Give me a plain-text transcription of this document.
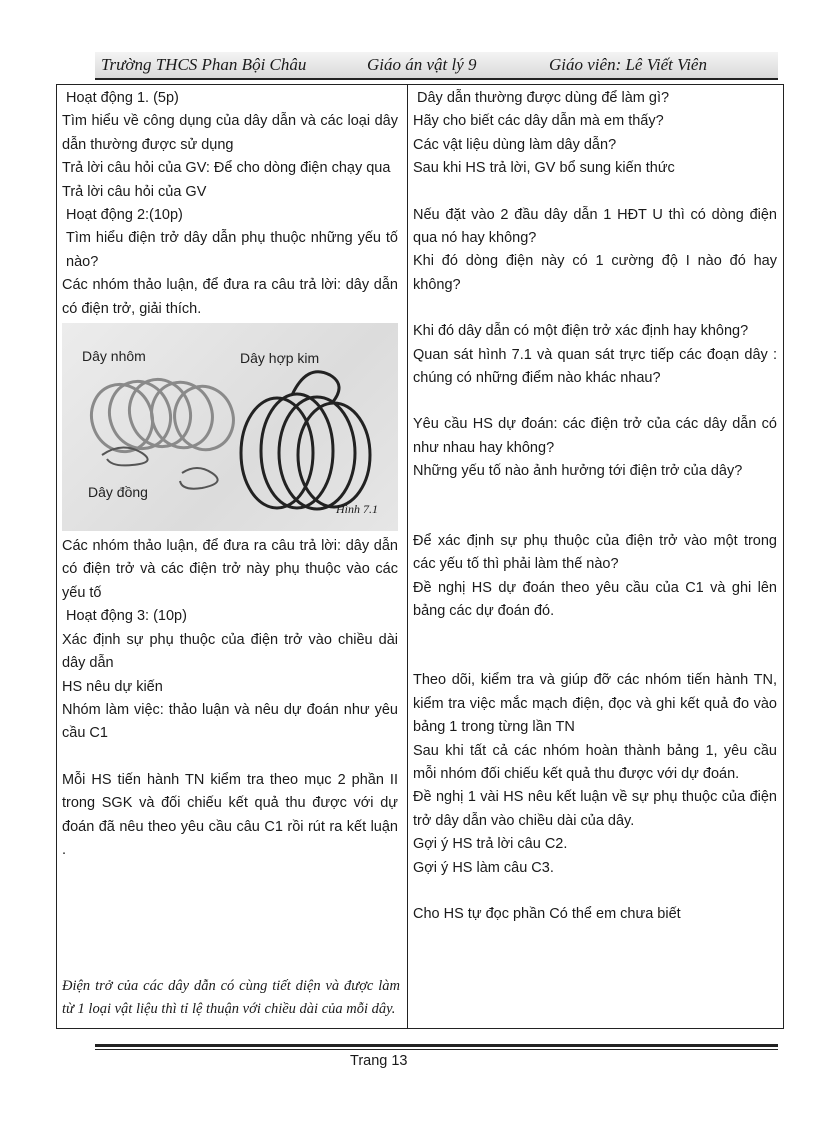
Trường THCS Phan Bội Châu	Giáo án vật lý 9	Giáo viên: Lê Viết Viên

Hoạt động 1. (5p)

Tìm hiểu về công dụng của dây dẫn và các loại dây dẫn thường được sử dụng

Trả lời câu hỏi của GV: Để cho dòng điện chạy qua

Trả lời câu hỏi của GV

Hoạt động 2:(10p)

Tìm hiểu điện trở dây dẫn phụ thuộc những yếu tố nào?

Các nhóm thảo luận, để đưa ra câu trả lời: dây dẫn có điện trở, giải thích.

Dây nhôm	Dây hợp kim
Dây đồng
Hình 7.1

Các nhóm thảo luận, để đưa ra câu trả lời: dây dẫn có điện trở và các điện trở này phụ thuộc vào các yếu tố

Hoạt động 3: (10p)

Xác định sự phụ thuộc của điện trở vào chiều dài dây dẫn

HS nêu dự kiến

Nhóm làm việc: thảo luận và nêu dự đoán như yêu cầu C1

Mỗi HS tiến hành TN kiểm tra theo mục 2 phần II trong SGK và đối chiếu kết quả thu được với dự đoán đã nêu theo yêu cầu câu C1 rồi rút ra kết luận .

Điện trở của các dây dẫn có cùng tiết diện và được làm từ 1 loại vật liệu thì tỉ lệ thuận với chiều dài của mỗi dây.

Dây dẫn thường được dùng để làm gì?

Hãy cho biết các dây dẫn mà em thấy?

Các vật liệu dùng làm dây dẫn?

Sau khi HS trả lời, GV bổ sung kiến thức

Nếu đặt vào 2 đầu dây dẫn 1 HĐT U thì có dòng điện qua nó hay không?

Khi đó dòng điện này có 1 cường độ I nào đó hay không?

Khi đó dây dẫn có một điện trở xác định hay không?

Quan sát hình 7.1 và quan sát trực tiếp các đoạn dây : chúng có những điểm nào khác nhau?

Yêu cầu HS dự đoán: các điện trở của các dây dẫn có như nhau hay không?

Những yếu tố nào ảnh hưởng tới điện trở của dây?

Để xác định sự phụ thuộc của điện trở vào một trong các yếu tố thì phải làm thế nào?

Đề nghị HS dự đoán theo yêu cầu của C1 và ghi lên bảng các dự đoán đó.

Theo dõi, kiểm tra và giúp đỡ các nhóm tiến hành TN, kiểm tra việc mắc mạch điện, đọc và ghi kết quả đo vào bảng 1 trong từng lần TN

Sau khi tất cả các nhóm hoàn thành bảng 1, yêu cầu mỗi nhóm đối chiếu kết quả thu được với dự đoán.

Đề nghị 1 vài HS nêu kết luận về sự phụ thuộc của điện trở dây dẫn vào chiều dài của dây.

Gợi ý HS trả lời câu C2.

Gợi ý HS làm câu C3.

Cho HS tự đọc phần Có thể em chưa biết

Trang 13
